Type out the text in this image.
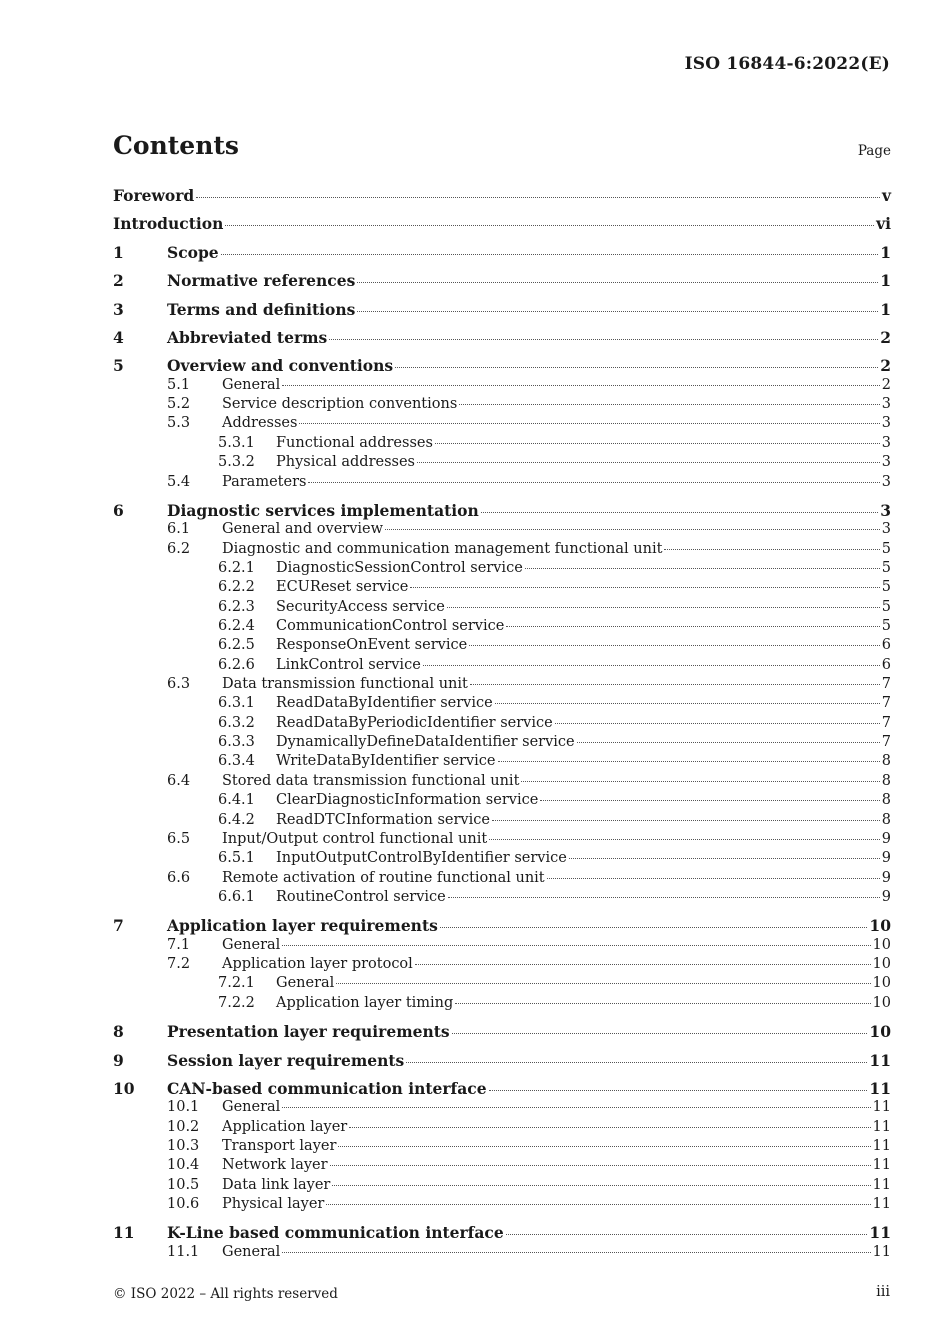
ISO 16844-6:2022(E)
Contents	Page
Foreword	v
Introduction	vi
1	Scope	1
2	Normative references	1
3	Terms and definitions	1
4	Abbreviated terms	2
5	Overview and conventions	2
5.1	General	2
5.2	Service description conventions	3
5.3	Addresses	3
5.3.1	Functional addresses	3
5.3.2	Physical addresses	3
5.4	Parameters	3
6	Diagnostic services implementation	3
6.1	General and overview	3
6.2	Diagnostic and communication management functional unit	5
6.2.1	DiagnosticSessionControl service	5
6.2.2	ECUReset service	5
6.2.3	SecurityAccess service	5
6.2.4	CommunicationControl service	5
6.2.5	ResponseOnEvent service	6
6.2.6	LinkControl service	6
6.3	Data transmission functional unit	7
6.3.1	ReadDataByIdentifier service	7
6.3.2	ReadDataByPeriodicIdentifier service	7
6.3.3	DynamicallyDefineDataIdentifier service	7
6.3.4	WriteDataByIdentifier service	8
6.4	Stored data transmission functional unit	8
6.4.1	ClearDiagnosticInformation service	8
6.4.2	ReadDTCInformation service	8
6.5	Input/Output control functional unit	9
6.5.1	InputOutputControlByIdentifier service	9
6.6	Remote activation of routine functional unit	9
6.6.1	RoutineControl service	9
7	Application layer requirements	10
7.1	General	10
7.2	Application layer protocol	10
7.2.1	General	10
7.2.2	Application layer timing	10
8	Presentation layer requirements	10
9	Session layer requirements	11
10	CAN-based communication interface	11
10.1	General	11
10.2	Application layer	11
10.3	Transport layer	11
10.4	Network layer	11
10.5	Data link layer	11
10.6	Physical layer	11
11	K-Line based communication interface	11
11.1	General	11
© ISO 2022 – All rights reserved	iii
